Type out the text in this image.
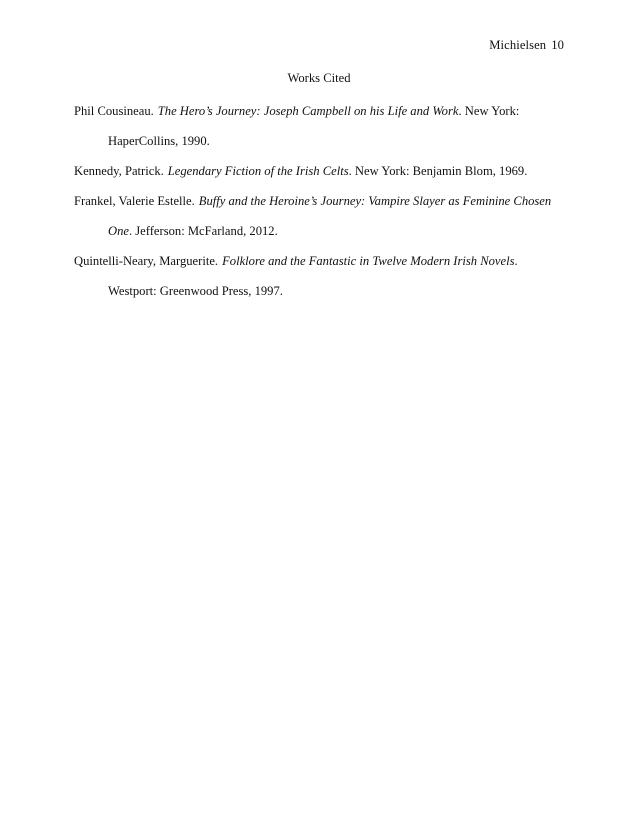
Michielsen 10
Works Cited
Phil Cousineau. The Hero’s Journey: Joseph Campbell on his Life and Work. New York:
HaperCollins, 1990.
Kennedy, Patrick. Legendary Fiction of the Irish Celts. New York: Benjamin Blom, 1969.
Frankel, Valerie Estelle. Buffy and the Heroine’s Journey: Vampire Slayer as Feminine Chosen
One. Jefferson: McFarland, 2012.
Quintelli-Neary, Marguerite. Folklore and the Fantastic in Twelve Modern Irish Novels.
Westport: Greenwood Press, 1997.
